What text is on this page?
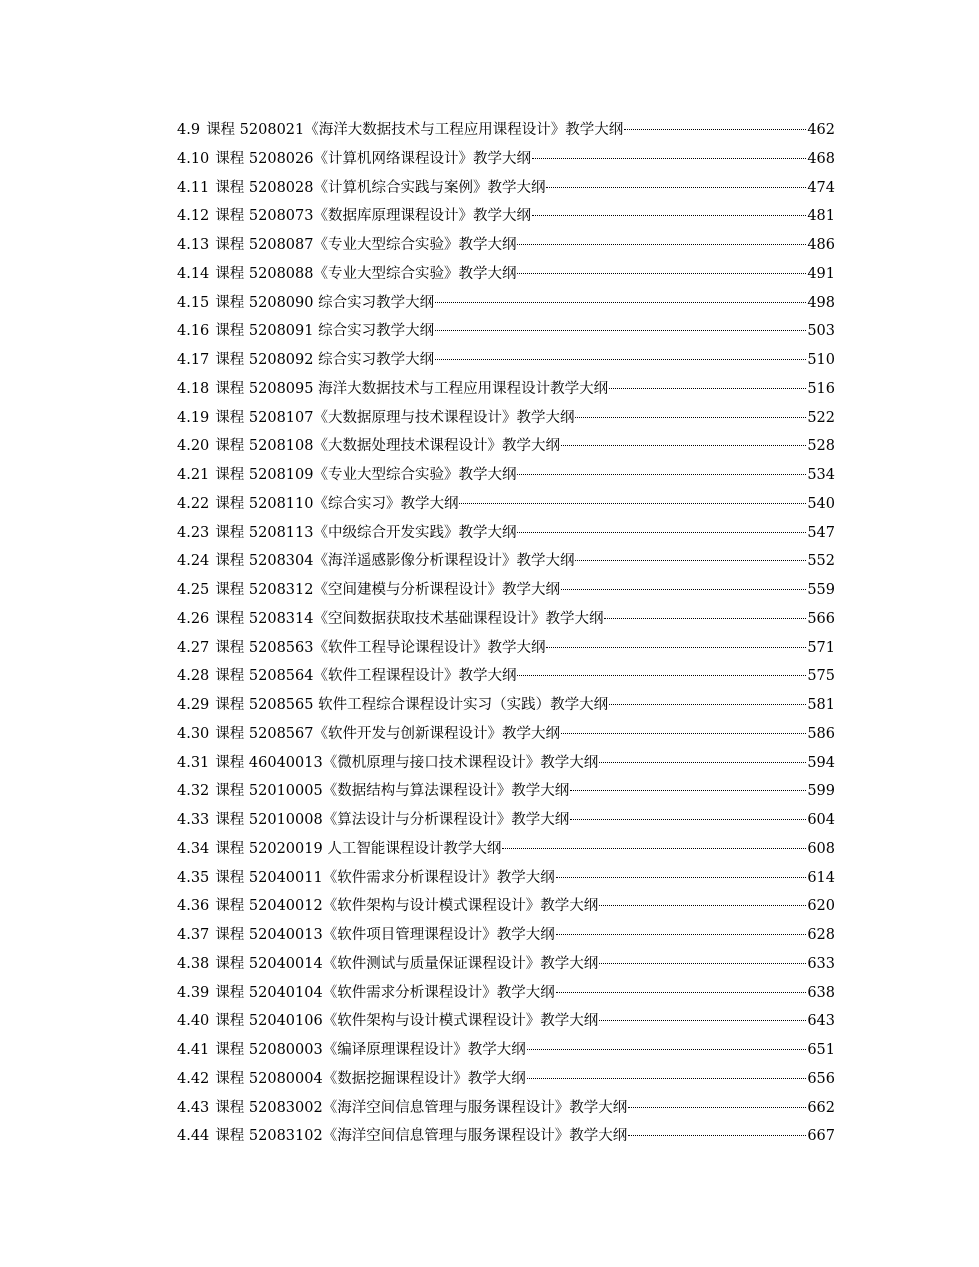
4.9 课程 5208021《海洋大数据技术与工程应用课程设计》教学大纲	462
4.10 课程 5208026《计算机网络课程设计》教学大纲	468
4.11 课程 5208028《计算机综合实践与案例》教学大纲	474
4.12 课程 5208073《数据库原理课程设计》教学大纲	481
4.13 课程 5208087《专业大型综合实验》教学大纲	486
4.14 课程 5208088《专业大型综合实验》教学大纲	491
4.15 课程 5208090 综合实习教学大纲	498
4.16 课程 5208091 综合实习教学大纲	503
4.17 课程 5208092 综合实习教学大纲	510
4.18 课程 5208095 海洋大数据技术与工程应用课程设计教学大纲	516
4.19 课程 5208107《大数据原理与技术课程设计》教学大纲	522
4.20 课程 5208108《大数据处理技术课程设计》教学大纲	528
4.21 课程 5208109《专业大型综合实验》教学大纲	534
4.22 课程 5208110《综合实习》教学大纲	540
4.23 课程 5208113《中级综合开发实践》教学大纲	547
4.24 课程 5208304《海洋遥感影像分析课程设计》教学大纲	552
4.25 课程 5208312《空间建模与分析课程设计》教学大纲	559
4.26 课程 5208314《空间数据获取技术基础课程设计》教学大纲	566
4.27 课程 5208563《软件工程导论课程设计》教学大纲	571
4.28 课程 5208564《软件工程课程设计》教学大纲	575
4.29 课程 5208565 软件工程综合课程设计实习（实践）教学大纲	581
4.30 课程 5208567《软件开发与创新课程设计》教学大纲	586
4.31 课程 46040013《微机原理与接口技术课程设计》教学大纲	594
4.32 课程 52010005《数据结构与算法课程设计》教学大纲	599
4.33 课程 52010008《算法设计与分析课程设计》教学大纲	604
4.34 课程 52020019 人工智能课程设计教学大纲	608
4.35 课程 52040011《软件需求分析课程设计》教学大纲	614
4.36 课程 52040012《软件架构与设计模式课程设计》教学大纲	620
4.37 课程 52040013《软件项目管理课程设计》教学大纲	628
4.38 课程 52040014《软件测试与质量保证课程设计》教学大纲	633
4.39 课程 52040104《软件需求分析课程设计》教学大纲	638
4.40 课程 52040106《软件架构与设计模式课程设计》教学大纲	643
4.41 课程 52080003《编译原理课程设计》教学大纲	651
4.42 课程 52080004《数据挖掘课程设计》教学大纲	656
4.43 课程 52083002《海洋空间信息管理与服务课程设计》教学大纲	662
4.44 课程 52083102《海洋空间信息管理与服务课程设计》教学大纲	667
